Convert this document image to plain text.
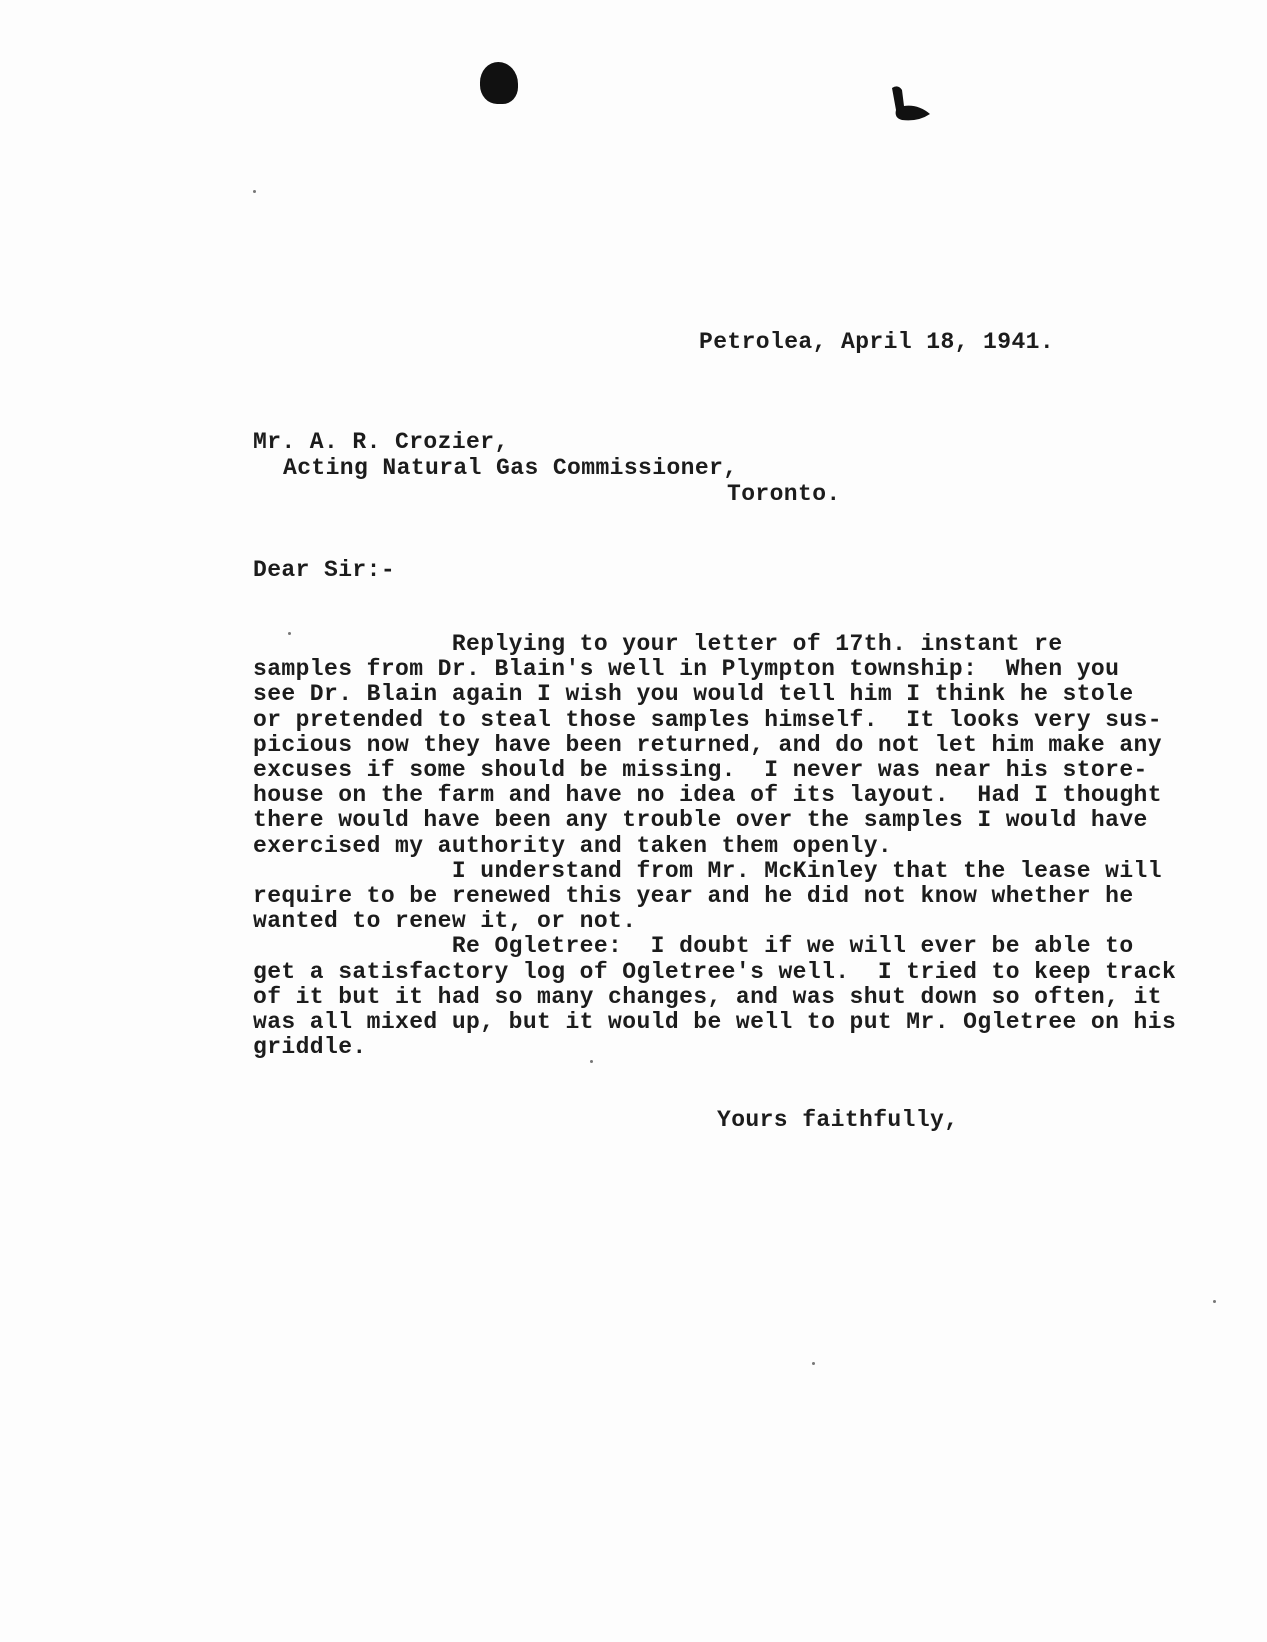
Petrolea, April 18, 1941.
Mr. A. R. Crozier,
Acting Natural Gas Commissioner,
Toronto.
Dear Sir:-
Replying to your letter of 17th. instant re
samples from Dr. Blain's well in Plympton township:  When you
see Dr. Blain again I wish you would tell him I think he stole
or pretended to steal those samples himself.  It looks very sus-
picious now they have been returned, and do not let him make any
excuses if some should be missing.  I never was near his store-
house on the farm and have no idea of its layout.  Had I thought
there would have been any trouble over the samples I would have
exercised my authority and taken them openly.
I understand from Mr. McKinley that the lease will
require to be renewed this year and he did not know whether he
wanted to renew it, or not.
Re Ogletree:  I doubt if we will ever be able to
get a satisfactory log of Ogletree's well.  I tried to keep track
of it but it had so many changes, and was shut down so often, it
was all mixed up, but it would be well to put Mr. Ogletree on his
griddle.
Yours faithfully,
